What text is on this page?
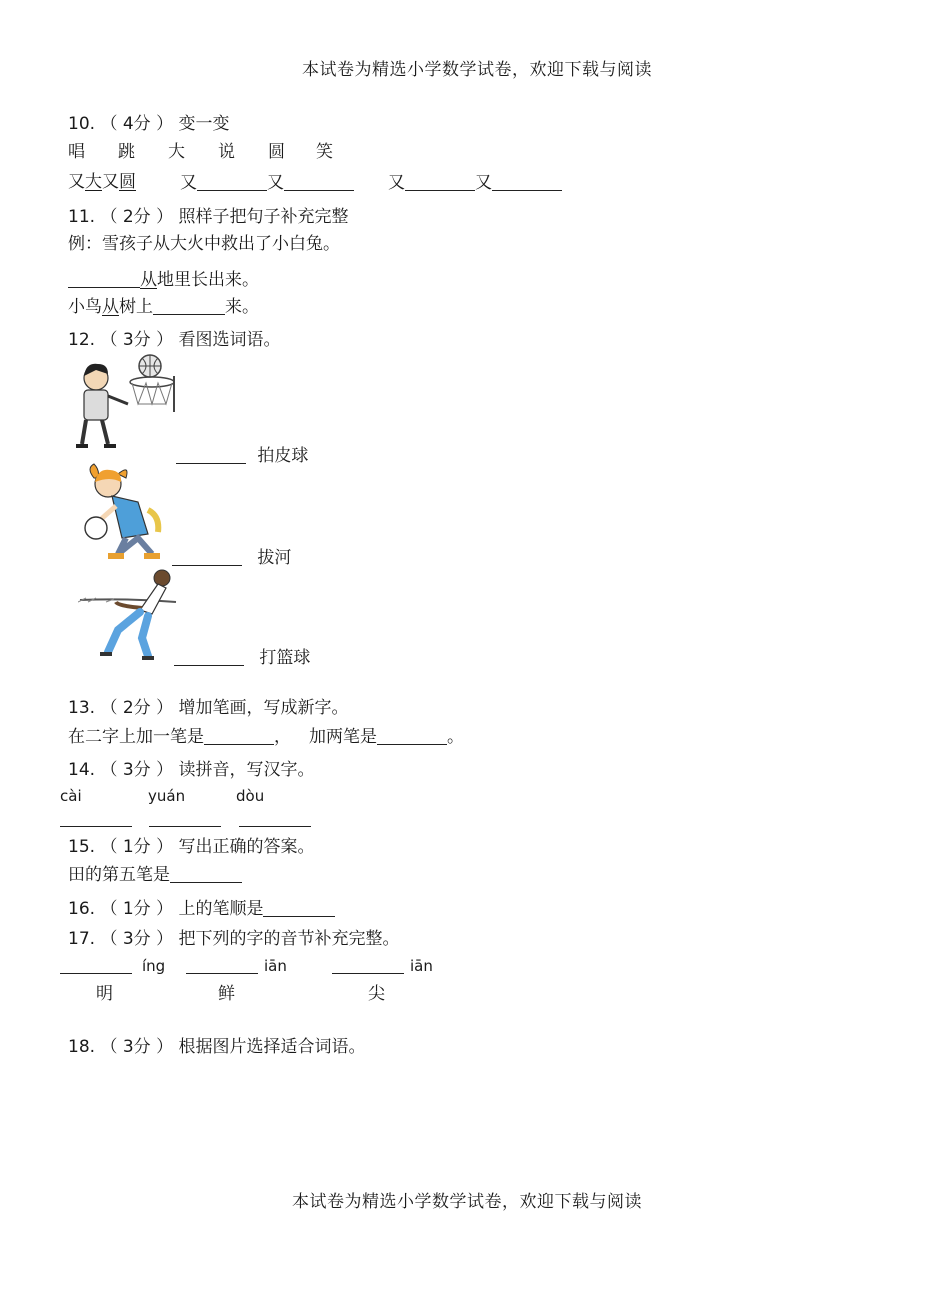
本试卷为精选小学数学试卷，欢迎下载与阅读
10. （ 4分 ） 变一变
唱 跳 大 说 圆 笑
又大又圆	又	又	又	又
11. （ 2分 ） 照样子把句子补充完整
例：雪孩子从大火中救出了小白兔。
从地里长出来。
小鸟从树上	来。
12. （ 3分 ） 看图选词语。
拍皮球
拔河
打篮球
13. （ 2分 ） 增加笔画，写成新字。
在二字上加一笔是	， 加两笔是	。
14. （ 3分 ） 读拼音，写汉字。
cài	yuán	dòu

15. （ 1分 ） 写出正确的答案。
田的第五笔是
16. （ 1分 ） 上的笔顺是
17. （ 3分 ） 把下列的字的音节补充完整。
íng	iān	iān
明	鲜	尖
18. （ 3分 ） 根据图片选择适合词语。
本试卷为精选小学数学试卷，欢迎下载与阅读
